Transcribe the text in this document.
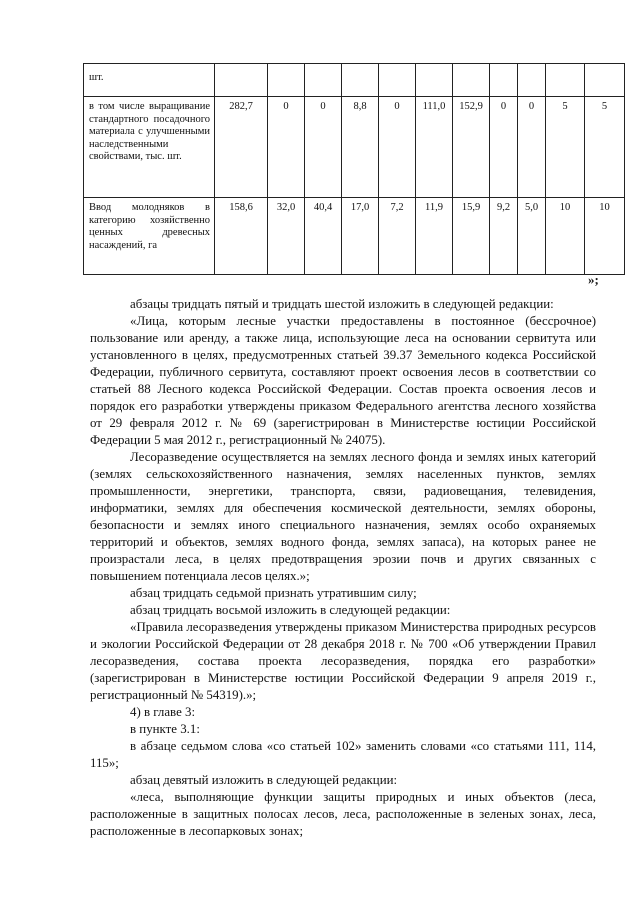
шт.											
в том числе выращивание стандартного посадочного материала с улучшенными наследственными свойствами, тыс. шт.	282,7	0	0	8,8	0	111,0	152,9	0	0	5	5
Ввод молодняков в категорию хозяйственно ценных древесных насаждений, га	158,6	32,0	40,4	17,0	7,2	11,9	15,9	9,2	5,0	10	10
»;

абзацы тридцать пятый и тридцать шестой изложить в следующей редакции:

«Лица, которым лесные участки предоставлены в постоянное (бессрочное) пользование или аренду, а также лица, использующие леса на основании сервитута или установленного в целях, предусмотренных статьей 39.37 Земельного кодекса Российской Федерации, публичного сервитута, составляют проект освоения лесов в соответствии со статьей 88 Лесного кодекса Российской Федерации. Состав проекта освоения лесов и порядок его разработки утверждены приказом Федерального агентства лесного хозяйства от 29 февраля 2012 г. № 69 (зарегистрирован в Министерстве юстиции Российской Федерации 5 мая 2012 г., регистрационный № 24075).

Лесоразведение осуществляется на землях лесного фонда и землях иных категорий (землях сельскохозяйственного назначения, землях населенных пунктов, землях промышленности, энергетики, транспорта, связи, радиовещания, телевидения, информатики, землях для обеспечения космической деятельности, землях обороны, безопасности и землях иного специального назначения, землях особо охраняемых территорий и объектов, землях водного фонда, землях запаса), на которых ранее не произрастали леса, в целях предотвращения эрозии почв и других связанных с повышением потенциала лесов целях.»;

абзац тридцать седьмой признать утратившим силу;

абзац тридцать восьмой изложить в следующей редакции:

«Правила лесоразведения утверждены приказом Министерства природных ресурсов и экологии Российской Федерации от 28 декабря 2018 г. № 700 «Об утверждении Правил лесоразведения, состава проекта лесоразведения, порядка его разработки» (зарегистрирован в Министерстве юстиции Российской Федерации 9 апреля 2019 г., регистрационный № 54319).»;

4) в главе 3:

в пункте 3.1:

в абзаце седьмом слова «со статьей 102» заменить словами «со статьями 111, 114, 115»;

абзац девятый изложить в следующей редакции:

«леса, выполняющие функции защиты природных и иных объектов (леса, расположенные в защитных полосах лесов, леса, расположенные в зеленых зонах, леса, расположенные в лесопарковых зонах;
